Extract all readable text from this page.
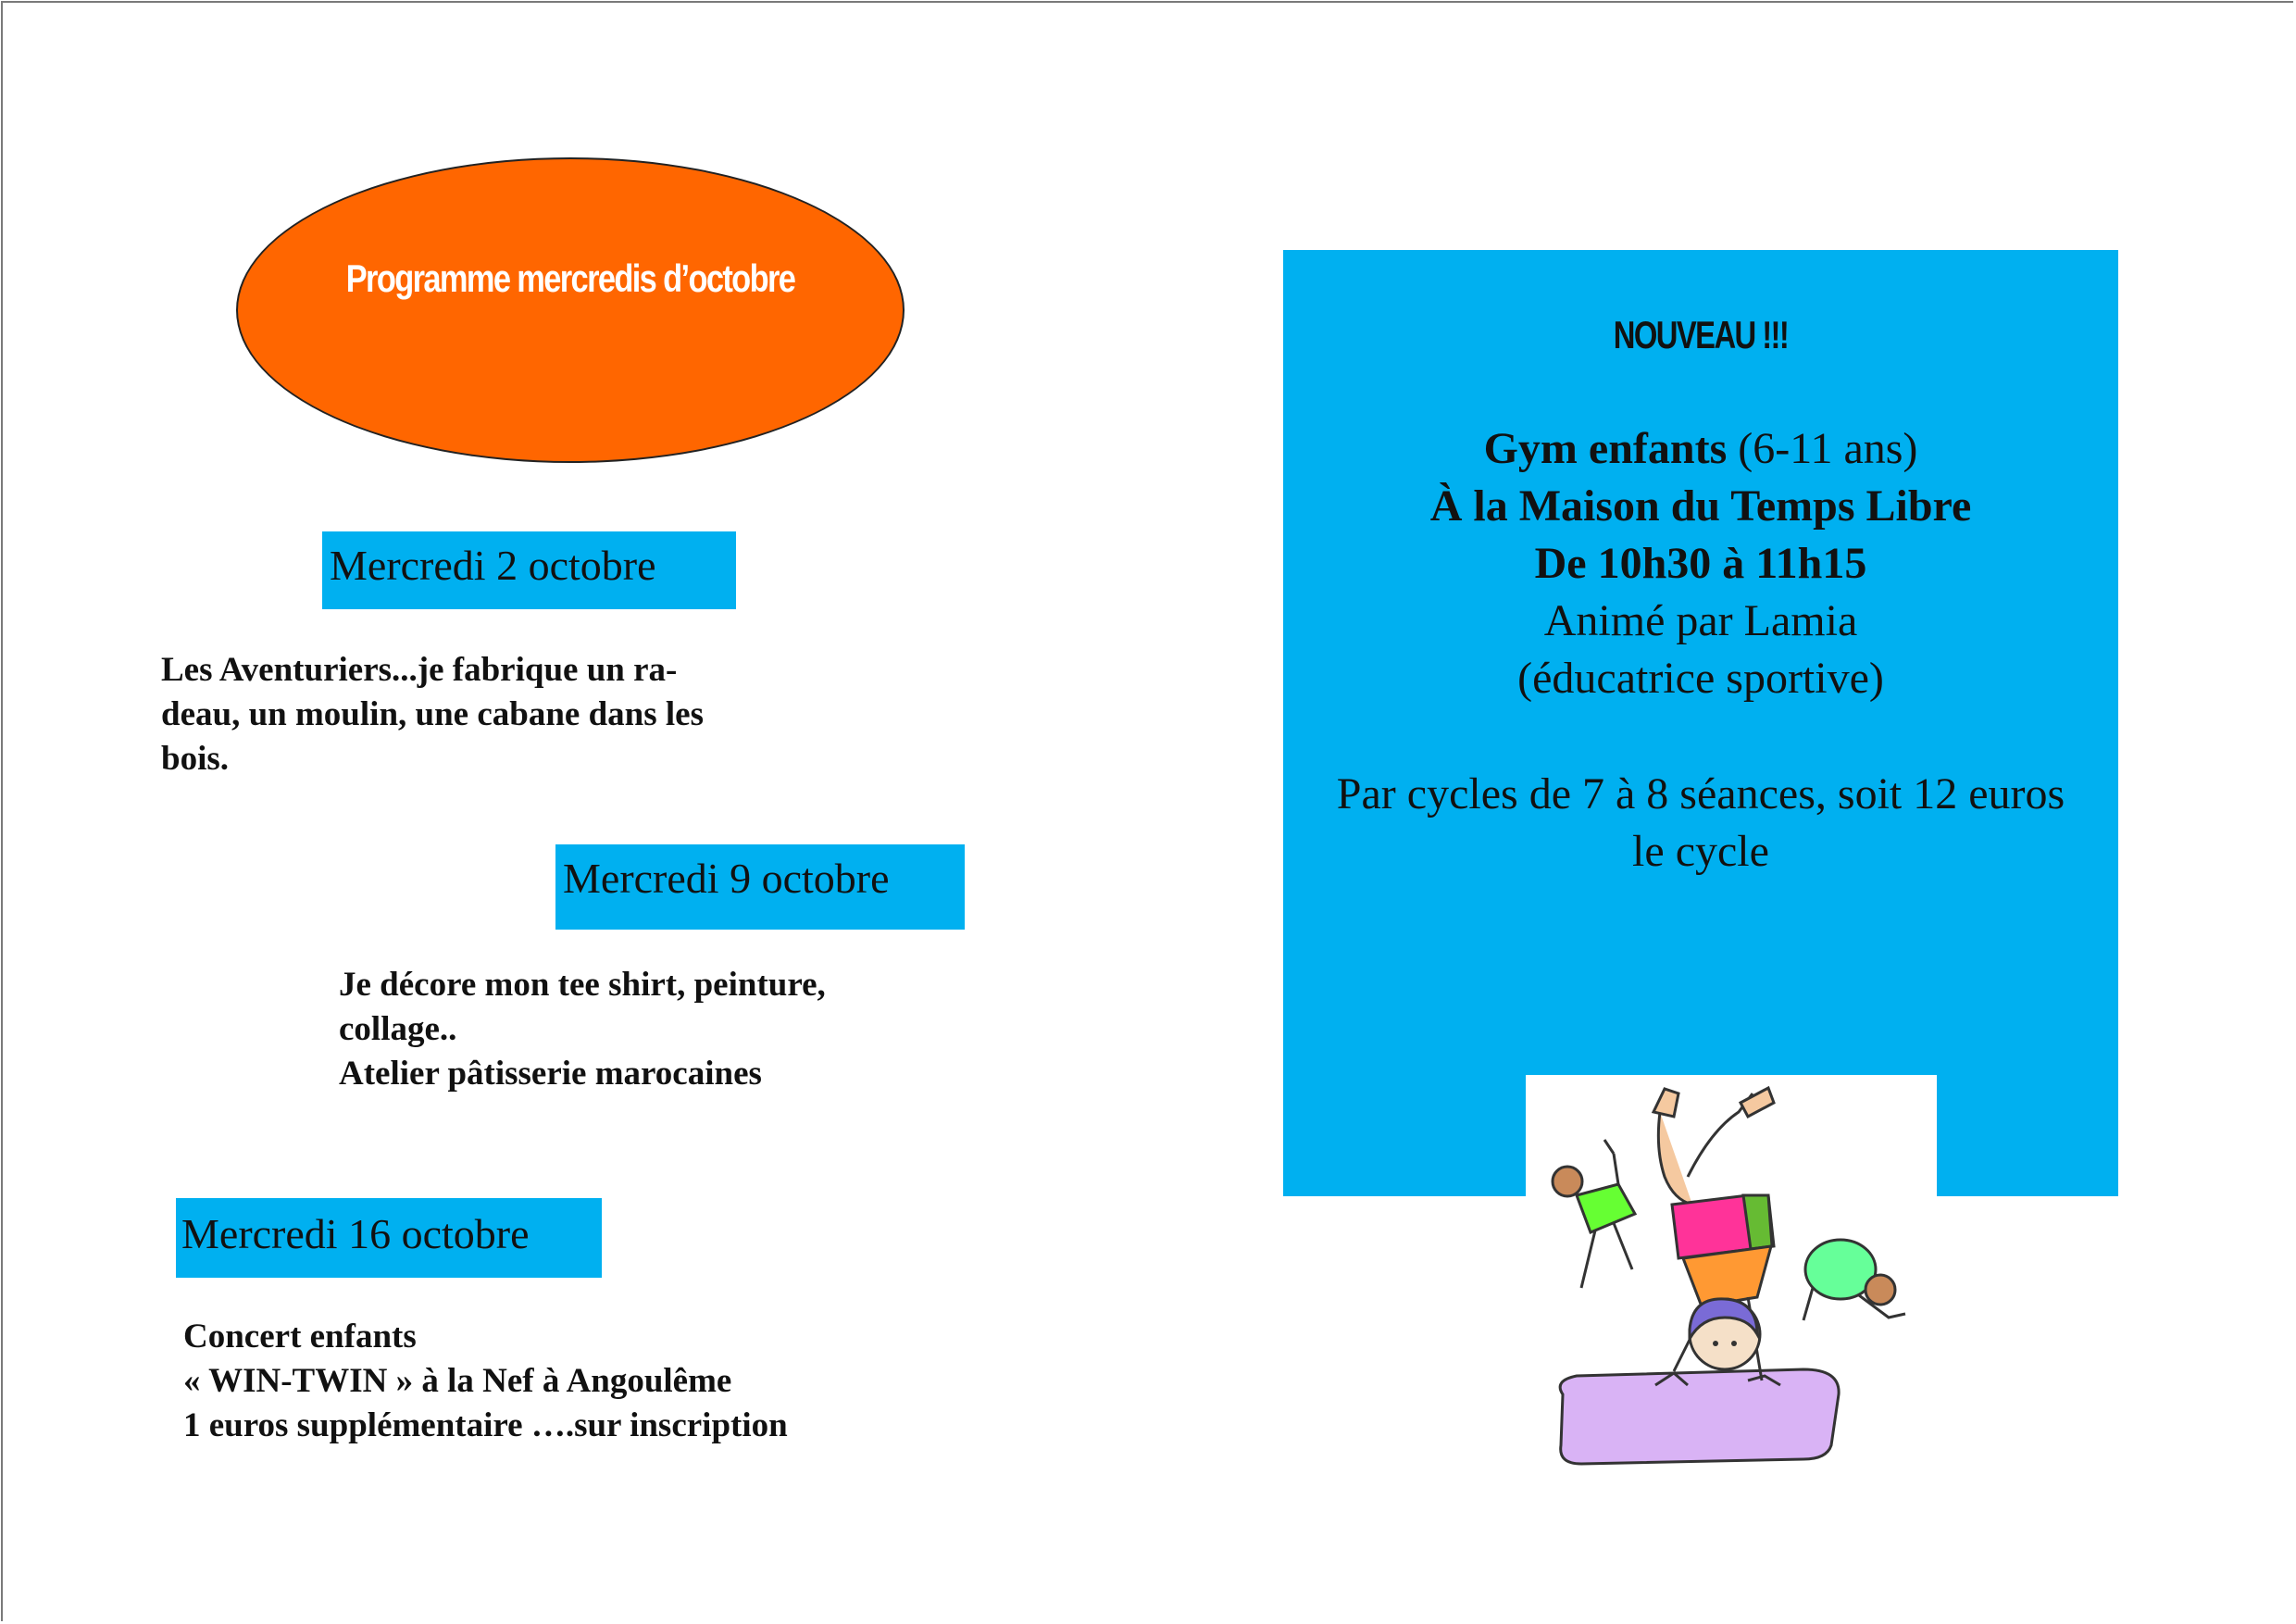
Programme mercredis d’octobre
Mercredi 2 octobre
Les Aventuriers...je fabrique un ra-
deau, un moulin, une cabane dans les
bois.
Mercredi 9 octobre
Je décore mon tee shirt, peinture,
collage..
Atelier pâtisserie marocaines
Mercredi 16 octobre
Concert enfants
« WIN-TWIN » à la Nef à Angoulême
1 euros supplémentaire ….sur inscription
NOUVEAU !!!
Gym enfants (6-11 ans)
À la Maison du Temps Libre
De 10h30 à 11h15
Animé par Lamia
(éducatrice sportive)
Par cycles de 7 à 8 séances, soit 12 euros
le cycle
